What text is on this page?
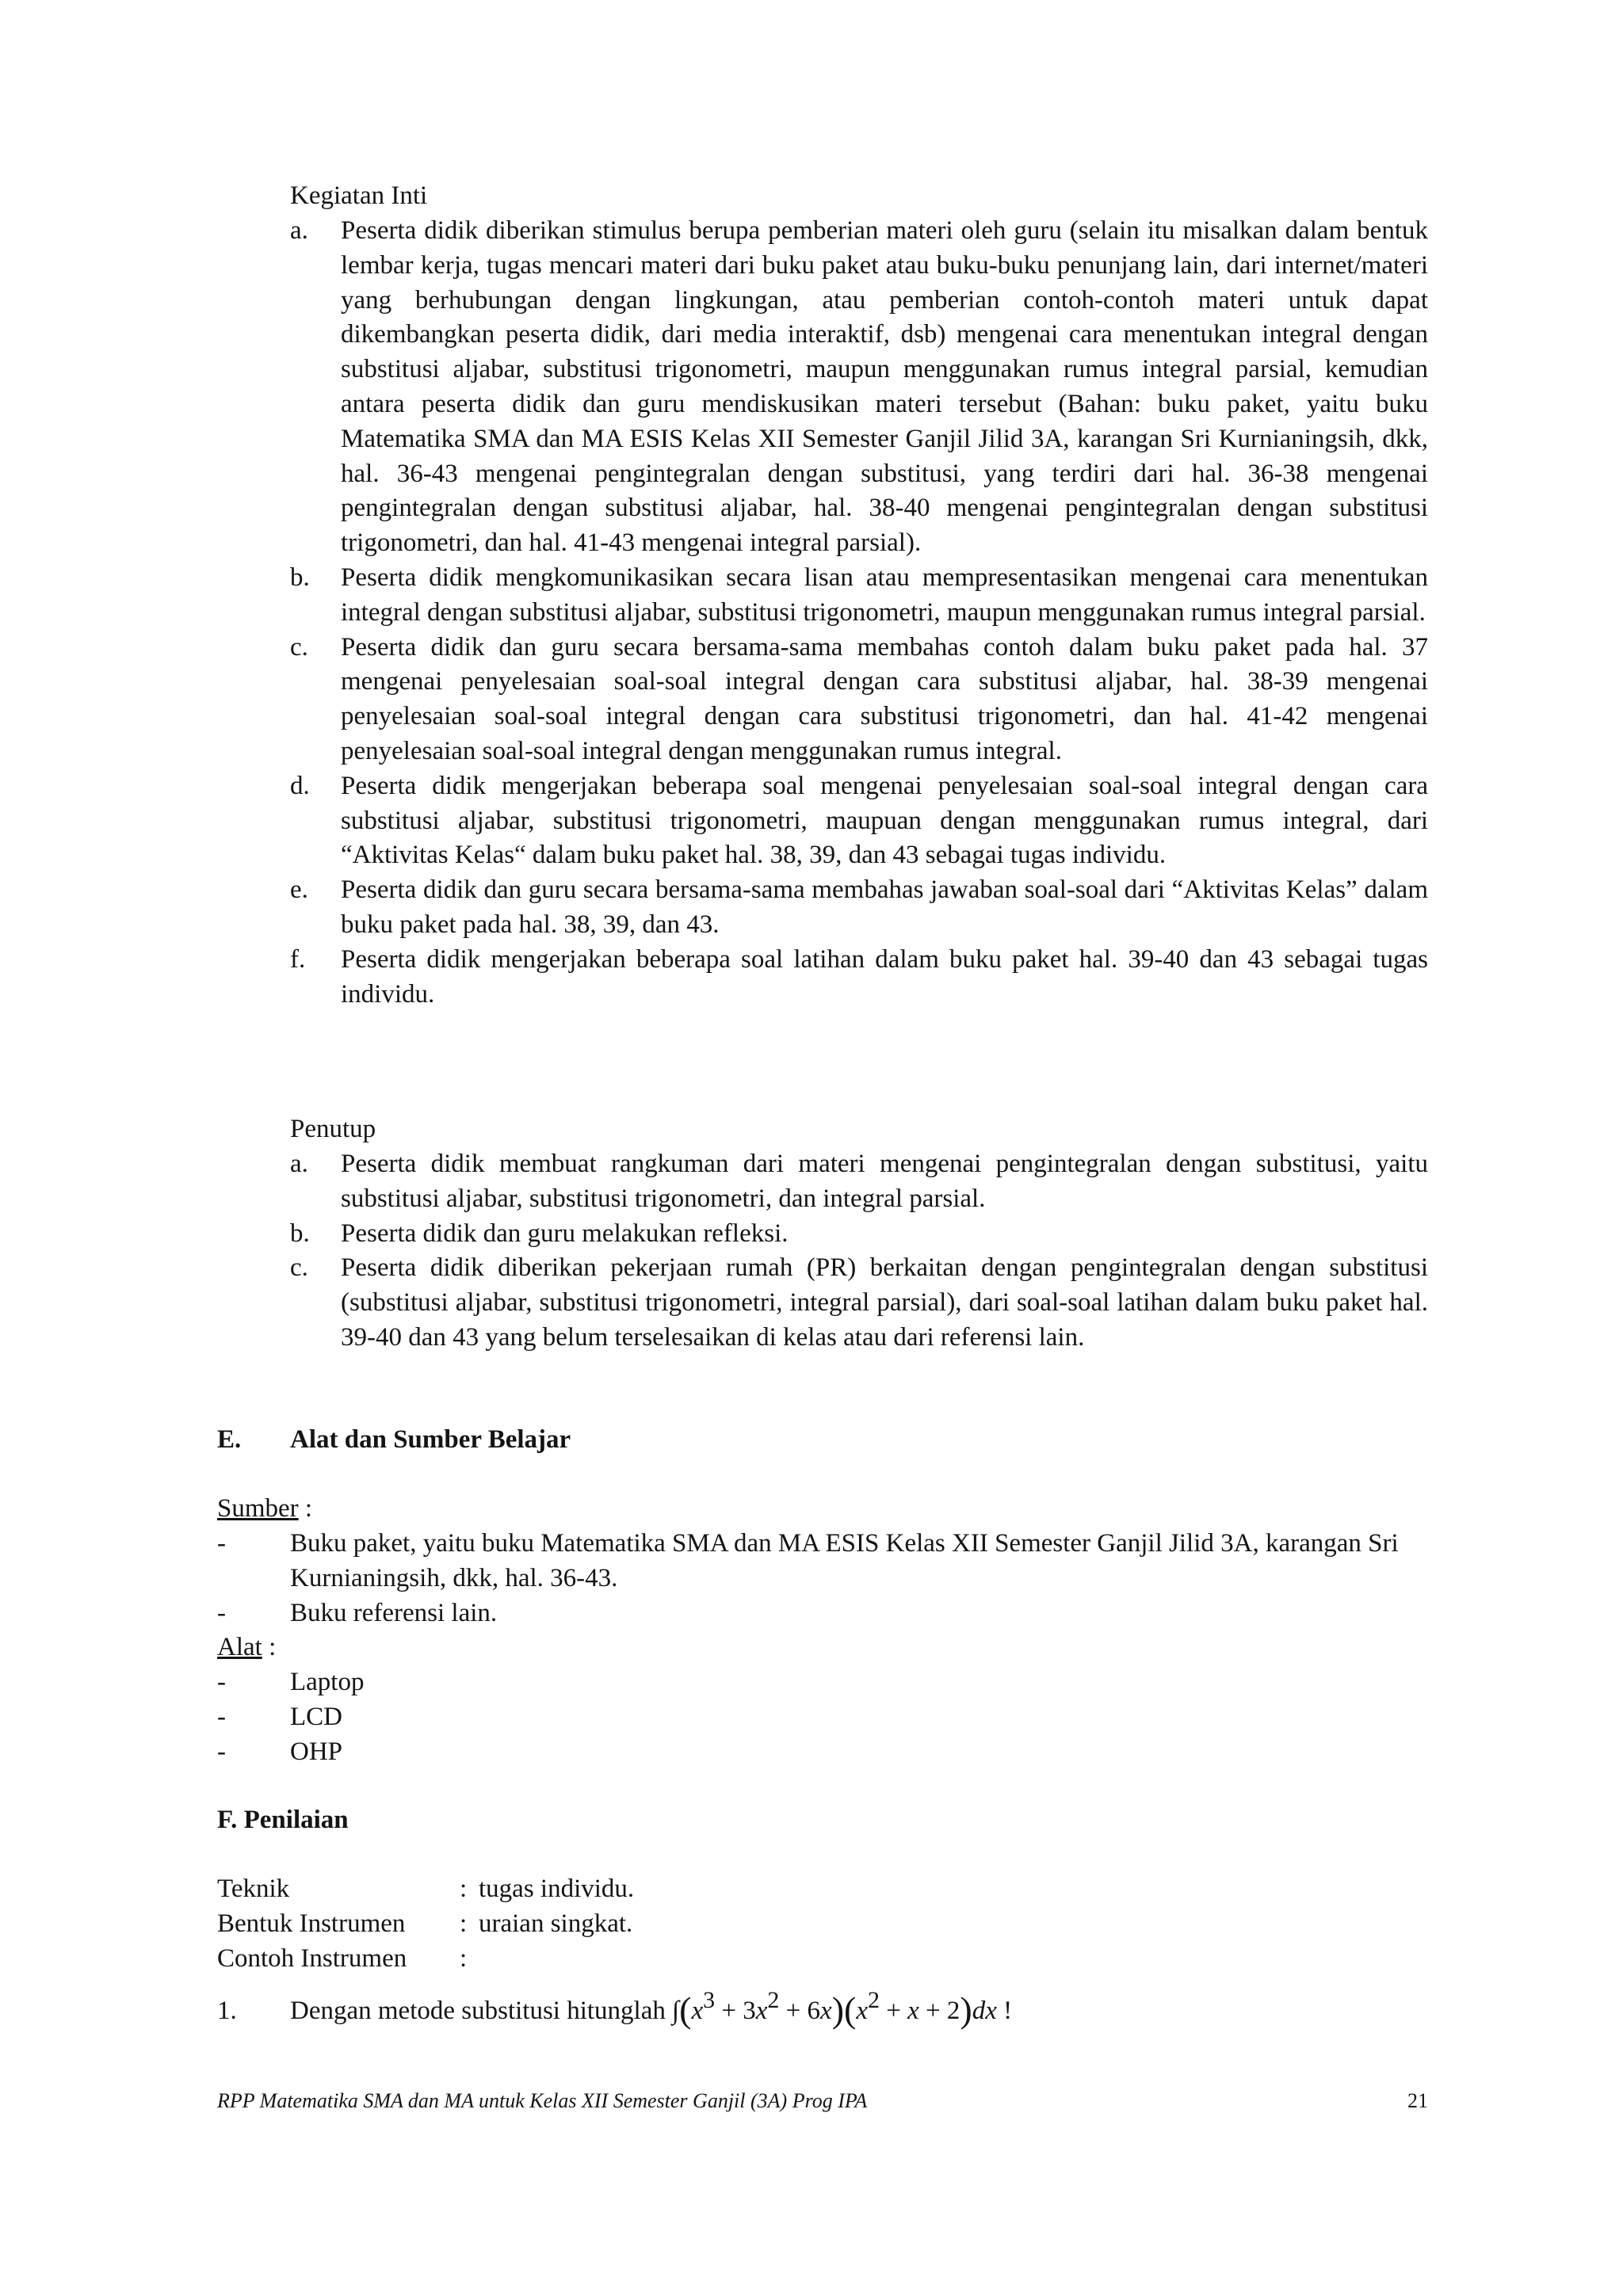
Kegiatan Inti
a. Peserta didik diberikan stimulus berupa pemberian materi oleh guru (selain itu misalkan dalam bentuk lembar kerja, tugas mencari materi dari buku paket atau buku-buku penunjang lain, dari internet/materi yang berhubungan dengan lingkungan, atau pemberian contoh-contoh materi untuk dapat dikembangkan peserta didik, dari media interaktif, dsb) mengenai cara menentukan integral dengan substitusi aljabar, substitusi trigonometri, maupun menggunakan rumus integral parsial, kemudian antara peserta didik dan guru mendiskusikan materi tersebut (Bahan: buku paket, yaitu buku Matematika SMA dan MA ESIS Kelas XII Semester Ganjil Jilid 3A, karangan Sri Kurnianingsih, dkk, hal. 36-43 mengenai pengintegralan dengan substitusi, yang terdiri dari hal. 36-38 mengenai pengintegralan dengan substitusi aljabar, hal. 38-40 mengenai pengintegralan dengan substitusi trigonometri, dan hal. 41-43 mengenai integral parsial).
b. Peserta didik mengkomunikasikan secara lisan atau mempresentasikan mengenai cara menentukan integral dengan substitusi aljabar, substitusi trigonometri, maupun menggunakan rumus integral parsial.
c. Peserta didik dan guru secara bersama-sama membahas contoh dalam buku paket pada hal. 37 mengenai penyelesaian soal-soal integral dengan cara substitusi aljabar, hal. 38-39 mengenai penyelesaian soal-soal integral dengan cara substitusi trigonometri, dan hal. 41-42 mengenai penyelesaian soal-soal integral dengan menggunakan rumus integral.
d. Peserta didik mengerjakan beberapa soal mengenai penyelesaian soal-soal integral dengan cara substitusi aljabar, substitusi trigonometri, maupuan dengan menggunakan rumus integral, dari “Aktivitas Kelas“ dalam buku paket hal. 38, 39, dan 43 sebagai tugas individu.
e. Peserta didik dan guru secara bersama-sama membahas jawaban soal-soal dari “Aktivitas Kelas” dalam buku paket pada hal. 38, 39, dan 43.
f. Peserta didik mengerjakan beberapa soal latihan dalam buku paket hal. 39-40 dan 43 sebagai tugas individu.
Penutup
a. Peserta didik membuat rangkuman dari materi mengenai pengintegralan dengan substitusi, yaitu substitusi aljabar, substitusi trigonometri, dan integral parsial.
b. Peserta didik dan guru melakukan refleksi.
c. Peserta didik diberikan pekerjaan rumah (PR) berkaitan dengan pengintegralan dengan substitusi (substitusi aljabar, substitusi trigonometri, integral parsial), dari soal-soal latihan dalam buku paket hal. 39-40 dan 43 yang belum terselesaikan di kelas atau dari referensi lain.
E. Alat dan Sumber Belajar
Sumber :
- Buku paket, yaitu buku Matematika SMA dan MA ESIS Kelas XII Semester Ganjil Jilid 3A, karangan Sri Kurnianingsih, dkk, hal. 36-43.
- Buku referensi lain.
Alat :
- Laptop
- LCD
- OHP
F. Penilaian
Teknik	: tugas individu.
Bentuk Instrumen : uraian singkat.
Contoh Instrumen :
1. Dengan metode substitusi hitunglah ∫(x3 + 3x2 + 6x)(x2 + x + 2)dx !
RPP Matematika SMA dan MA untuk Kelas XII Semester Ganjil (3A) Prog IPA	21
